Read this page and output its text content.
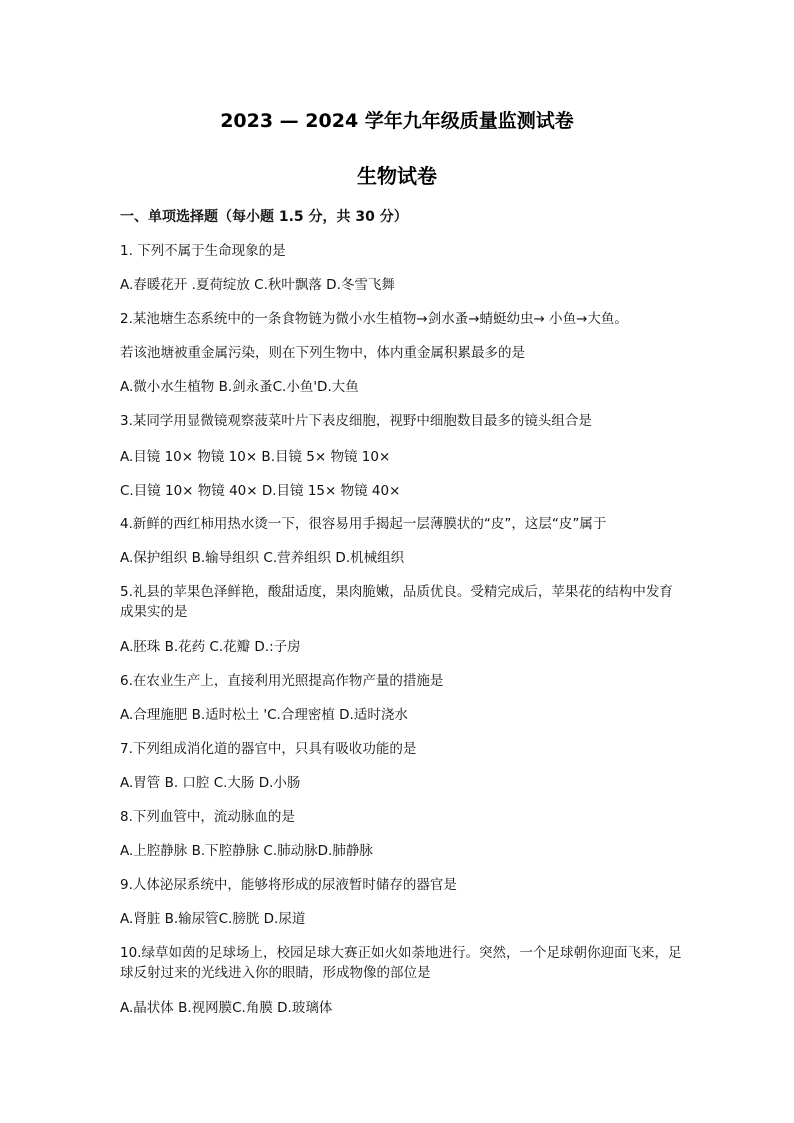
2023 — 2024 学年九年级质量监测试卷
生物试卷
一、单项选择题（每小题 1.5 分，共 30 分）
1. 下列不属于生命现象的是
A.春暖花开 .夏荷绽放 C.秋叶飘落 D.冬雪飞舞
2.某池塘生态系统中的一条食物链为微小水生植物→剑水蚤→蜻蜓幼虫→ 小鱼→大鱼。
若该池塘被重金属污染，则在下列生物中，体内重金属积累最多的是
A.微小水生植物 B.剑永蚤C.小鱼'D.大鱼
3.某同学用显微镜观察菠菜叶片下表皮细胞，视野中细胞数目最多的镜头组合是
A.目镜 10× 物镜 10× B.目镜 5× 物镜 10×
C.目镜 10× 物镜 40× D.目镜 15× 物镜 40×
4.新鲜的西红柿用热水烫一下，很容易用手揭起一层薄膜状的“皮”，这层“皮”属于
A.保护组织 B.输导组织 C.营养组织 D.机械组织
5.礼县的苹果色泽鲜艳，酸甜适度，果肉脆嫩，品质优良。受精完成后，苹果花的结构中发育成果实的是
A.胚珠 B.花药 C.花瓣 D.:子房
6.在农业生产上，直接利用光照提高作物产量的措施是
A.合理施肥 B.适时松土 'C.合理密植 D.适时浇水
7.下列组成消化道的器官中，只具有吸收功能的是
A.胃管 B. 口腔 C.大肠 D.小肠
8.下列血管中，流动脉血的是
A.上腔静脉 B.下腔静脉 C.肺动脉D.肺静脉
9.人体泌尿系统中，能够将形成的尿液暂时储存的器官是
A.肾脏 B.输尿管C.膀胱 D.尿道
10.绿草如茵的足球场上，校园足球大赛正如火如荼地进行。突然，一个足球朝你迎面飞来，足球反射过来的光线进入你的眼睛，形成物像的部位是
A.晶状体 B.视网膜C.角膜 D.玻璃体
